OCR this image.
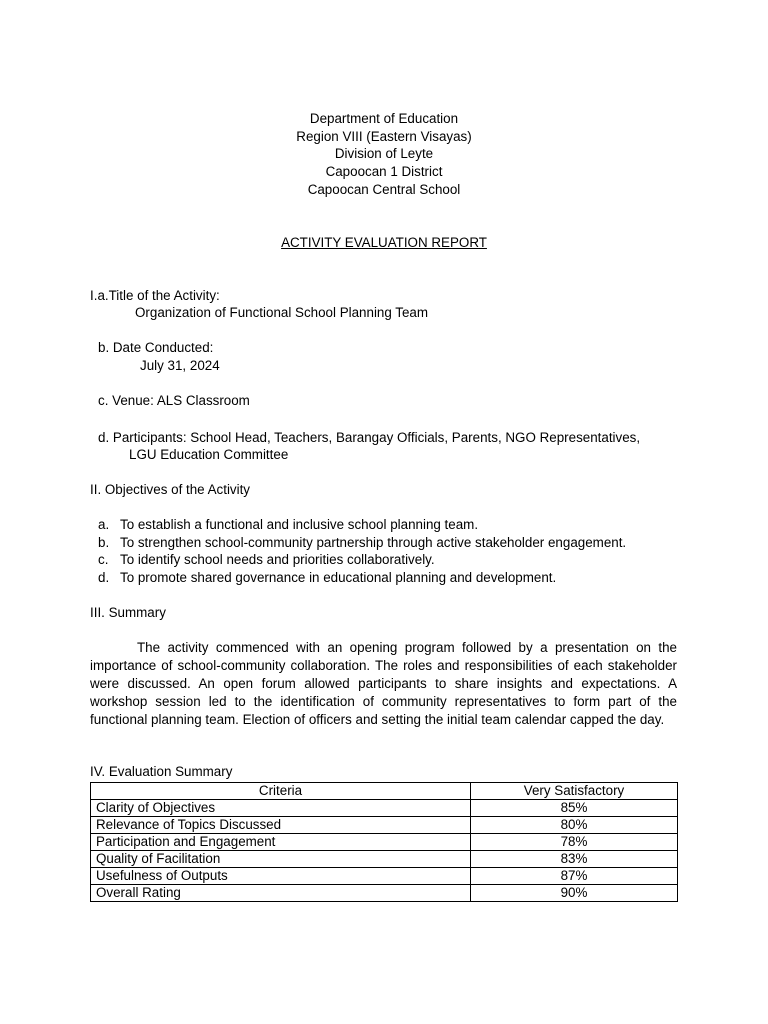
Department of Education
Region VIII (Eastern Visayas)
Division of Leyte
Capoocan 1 District
Capoocan Central School
ACTIVITY EVALUATION REPORT
I.a.Title of the Activity:
Organization of Functional School Planning Team
b. Date Conducted:
July 31, 2024
c. Venue: ALS Classroom
d. Participants: School Head, Teachers, Barangay Officials, Parents, NGO Representatives,
LGU Education Committee
II. Objectives of the Activity
a. To establish a functional and inclusive school planning team.
b. To strengthen school-community partnership through active stakeholder engagement.
c. To identify school needs and priorities collaboratively.
d. To promote shared governance in educational planning and development.
III. Summary

The activity commenced with an opening program followed by a presentation on the importance of school-community collaboration. The roles and responsibilities of each stakeholder were discussed. An open forum allowed participants to share insights and expectations. A workshop session led to the identification of community representatives to form part of the functional planning team. Election of officers and setting the initial team calendar capped the day.

IV. Evaluation Summary
Criteria	Very Satisfactory
Clarity of Objectives	85%
Relevance of Topics Discussed	80%
Participation and Engagement	78%
Quality of Facilitation	83%
Usefulness of Outputs	87%
Overall Rating	90%
